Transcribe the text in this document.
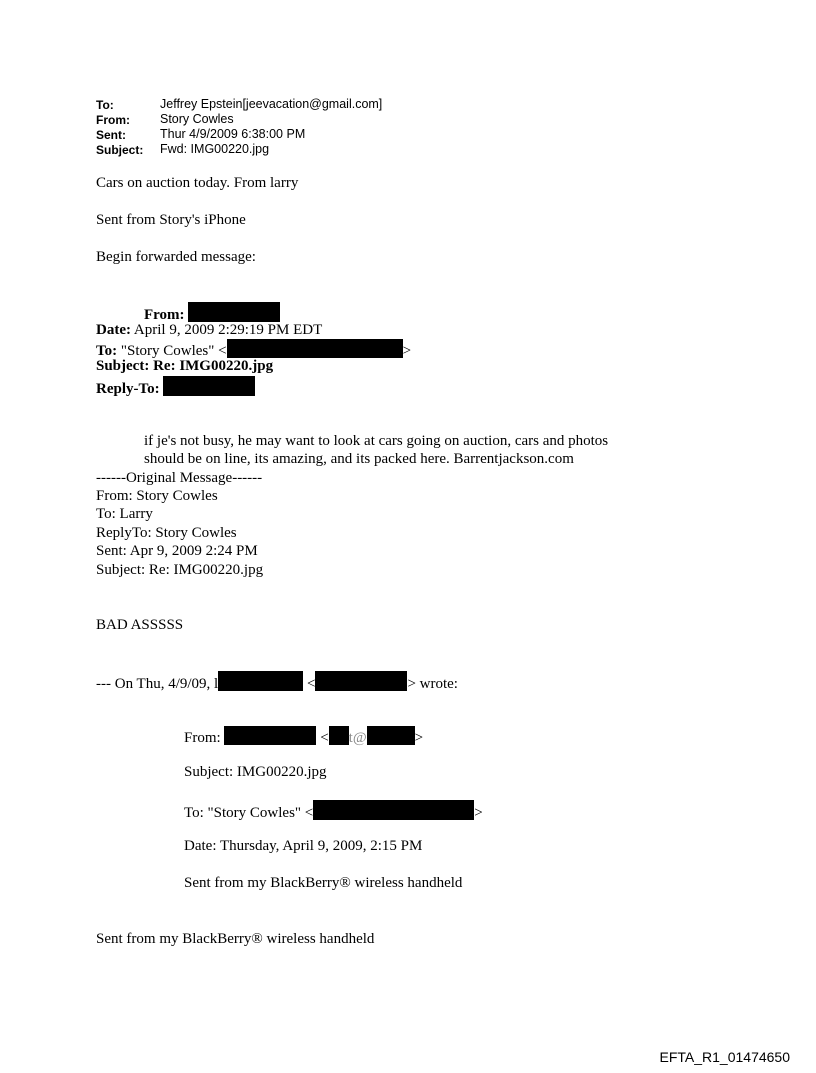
To:	Jeffrey Epstein[jeevacation@gmail.com]
From: Story Cowles
Sent:	Thur 4/9/2009 6:38:00 PM
Subject: Fwd: IMG00220.jpg
Cars on auction today. From larry
Sent from Story's iPhone
Begin forwarded message:
From:
Date: April 9, 2009 2:29:19 PM EDT
To: "Story Cowles" <	>
Subject: Re: IMG00220.jpg
Reply-To:
if je's not busy, he may want to look at cars going on auction, cars and photos
should be on line, its amazing, and its packed here. Barrentjackson.com
------Original Message------
From: Story Cowles
To: Larry
ReplyTo: Story Cowles
Sent: Apr 9, 2009 2:24 PM
Subject: Re: IMG00220.jpg
BAD ASSSSS
--- On Thu, 4/9/09, l	<	> wrote:
From:	< t@	>
Subject: IMG00220.jpg
To: "Story Cowles" <	>
Date: Thursday, April 9, 2009, 2:15 PM
Sent from my BlackBerry® wireless handheld
Sent from my BlackBerry® wireless handheld
EFTA_R1_01474650
